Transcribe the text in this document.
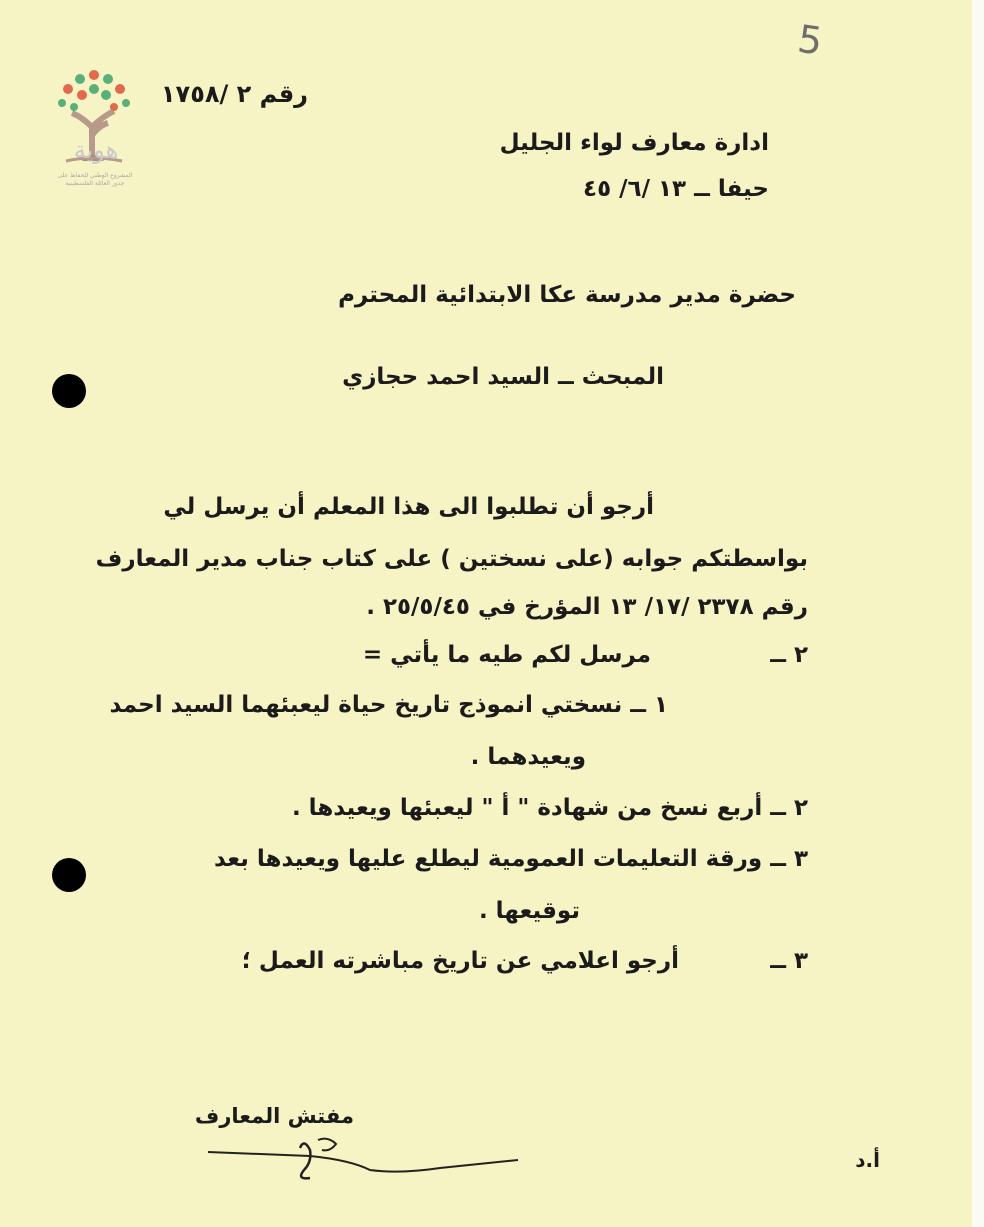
هوية
المشروع الوطني للحفاظ على
جذور العائلة الفلسطينية
5
رقم ٢ /١٧٥٨
ادارة معارف لواء الجليل
حيفا ــ ١٣ /٦/ ٤٥
حضرة مدير مدرسة عكا الابتدائية المحترم
المبحث ــ السيد احمد حجازي
أرجو أن تطلبوا الى هذا المعلم أن يرسل لي
بواسطتكم جوابه (على نسختين ) على كتاب جناب مدير المعارف
رقم ٢٣٧٨ /١٧/ ١٣ المؤرخ في ٢٥/٥/٤٥ .
٢ ــ
مرسل لكم طيه ما يأتي =
١ ــ نسختي انموذج تاريخ حياة ليعبئهما السيد احمد
ويعيدهما .
٢ ــ أربع نسخ من شهادة " أ " ليعبئها ويعيدها .
٣ ــ ورقة التعليمات العمومية ليطلع عليها ويعيدها بعد
توقيعها .
٣ ــ
أرجو اعلامي عن تاريخ مباشرته العمل ؛
مفتش المعارف
أ.د
